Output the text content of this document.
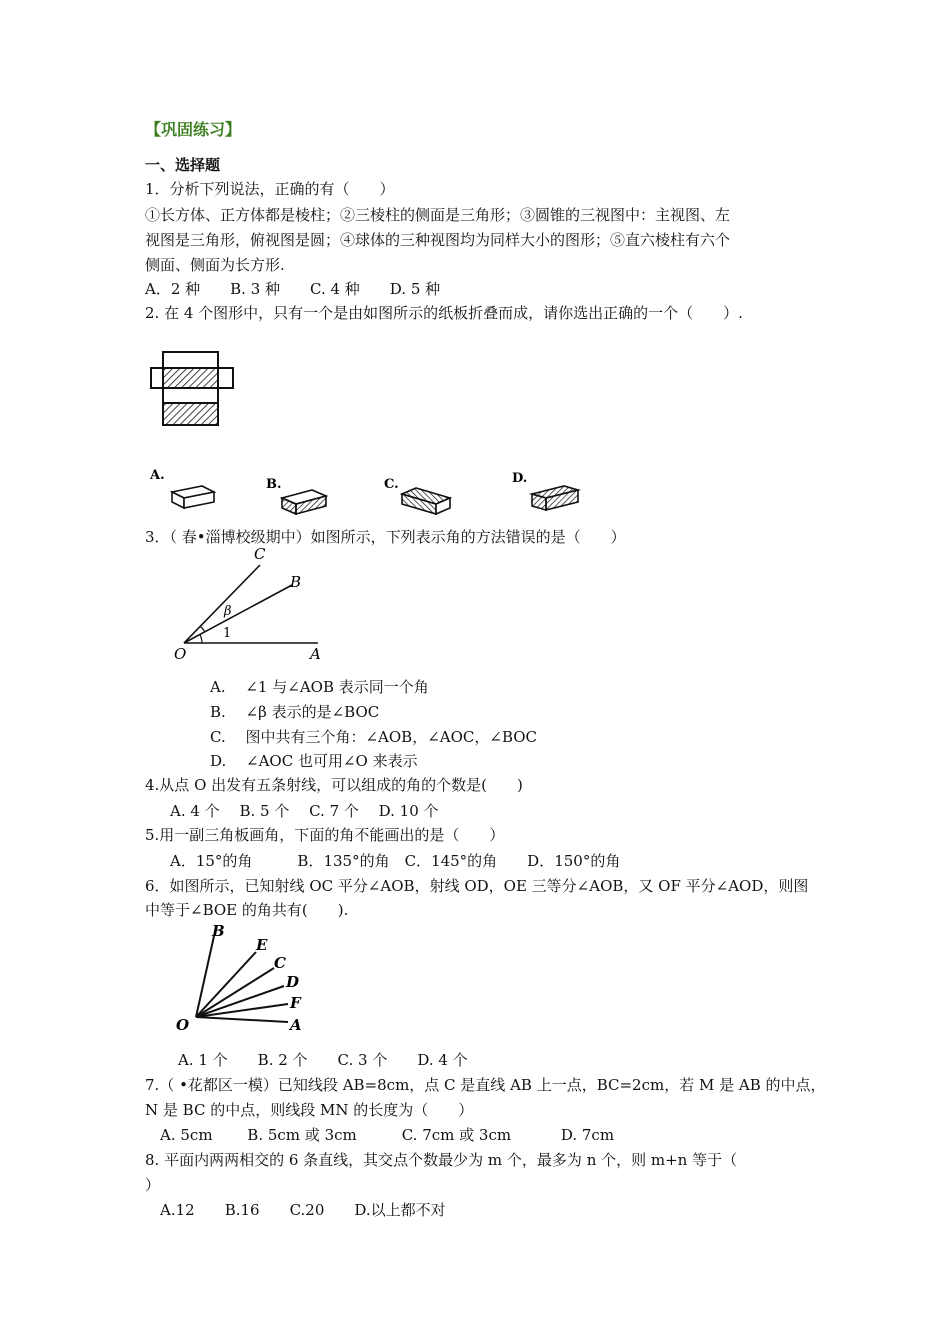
【巩固练习】
一、选择题
1．分析下列说法，正确的有（　　）
①长方体、正方体都是棱柱；②三棱柱的侧面是三角形；③圆锥的三视图中：主视图、左
视图是三角形，俯视图是圆；④球体的三种视图均为同样大小的图形；⑤直六棱柱有六个
侧面、侧面为长方形.
A．2 种　　B. 3 种　　C. 4 种　　D. 5 种
2. 在 4 个图形中，只有一个是由如图所示的纸板折叠而成，请你选出正确的一个（　　）.
A.
B.	C.	D.
3．（ 春•淄博校级期中）如图所示，下列表示角的方法错误的是（　　）
C
B
β
1
O	A
A.　 ∠1 与∠AOB 表示同一个角
B.　 ∠β 表示的是∠BOC
C.　 图中共有三个角：∠AOB，∠AOC，∠BOC
D.　 ∠AOC 也可用∠O 来表示
4.从点 O 出发有五条射线，可以组成的角的个数是(　　)
A. 4 个　 B. 5 个　 C. 7 个　 D. 10 个
5.用一副三角板画角，下面的角不能画出的是（　　）
A．15°的角　　　B．135°的角　C．145°的角　　D．150°的角
6．如图所示，已知射线 OC 平分∠AOB，射线 OD，OE 三等分∠AOB，又 OF 平分∠AOD，则图
中等于∠BOE 的角共有(　　).
B
E
C
D
F
A
O
A. 1 个　　B. 2 个　　C. 3 个　　D. 4 个
7.（ •花都区一模）已知线段 AB=8cm，点 C 是直线 AB 上一点，BC=2cm，若 M 是 AB 的中点，
N 是 BC 的中点，则线段 MN 的长度为（　　）
A. 5cm　　 B. 5cm 或 3cm　　　C. 7cm 或 3cm　　　 D. 7cm
8. 平面内两两相交的 6 条直线，其交点个数最少为 m 个，最多为 n 个，则 m+n 等于（
）
A.12　　B.16　　C.20　　D.以上都不对
